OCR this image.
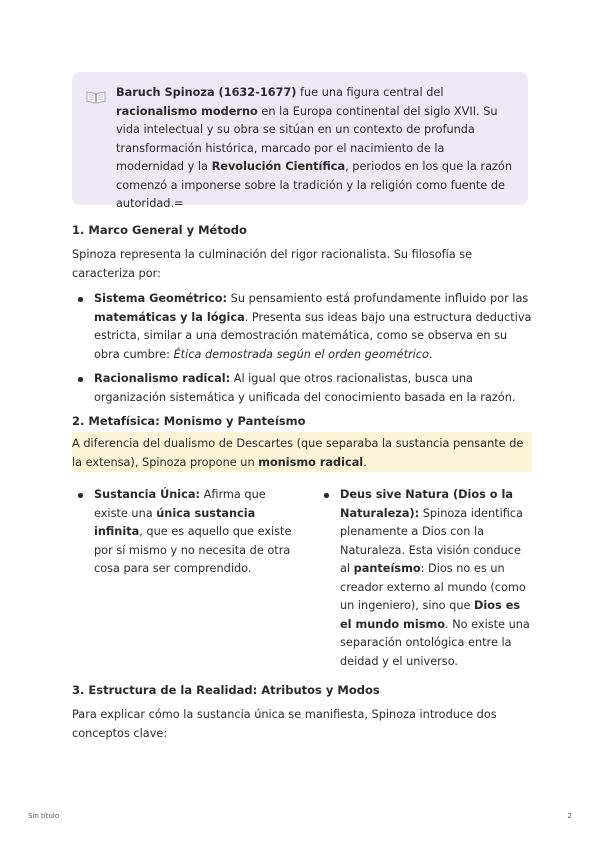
Baruch Spinoza (1632-1677) fue una figura central del racionalismo moderno en la Europa continental del siglo XVII. Su vida intelectual y su obra se sitúan en un contexto de profunda transformación histórica, marcado por el nacimiento de la modernidad y la Revolución Científica, periodos en los que la razón comenzó a imponerse sobre la tradición y la religión como fuente de autoridad.=

1. Marco General y Método

Spinoza representa la culminación del rigor racionalista. Su filosofía se caracteriza por:

Sistema Geométrico: Su pensamiento está profundamente influido por las matemáticas y la lógica. Presenta sus ideas bajo una estructura deductiva estricta, similar a una demostración matemática, como se observa en su obra cumbre: Ética demostrada según el orden geométrico.
Racionalismo radical: Al igual que otros racionalistas, busca una organización sistemática y unificada del conocimiento basada en la razón.
2. Metafísica: Monismo y Panteísmo

A diferencia del dualismo de Descartes (que separaba la sustancia pensante de la extensa), Spinoza propone un monismo radical.

Sustancia Única: Afirma que existe una única sustancia infinita, que es aquello que existe por sí mismo y no necesita de otra cosa para ser comprendido.
Deus sive Natura (Dios o la Naturaleza): Spinoza identifica plenamente a Dios con la Naturaleza. Esta visión conduce al panteísmo: Dios no es un creador externo al mundo (como un ingeniero), sino que Dios es el mundo mismo. No existe una separación ontológica entre la deidad y el universo.
3. Estructura de la Realidad: Atributos y Modos

Para explicar cómo la sustancia única se manifiesta, Spinoza introduce dos conceptos clave:

Sin título	2
